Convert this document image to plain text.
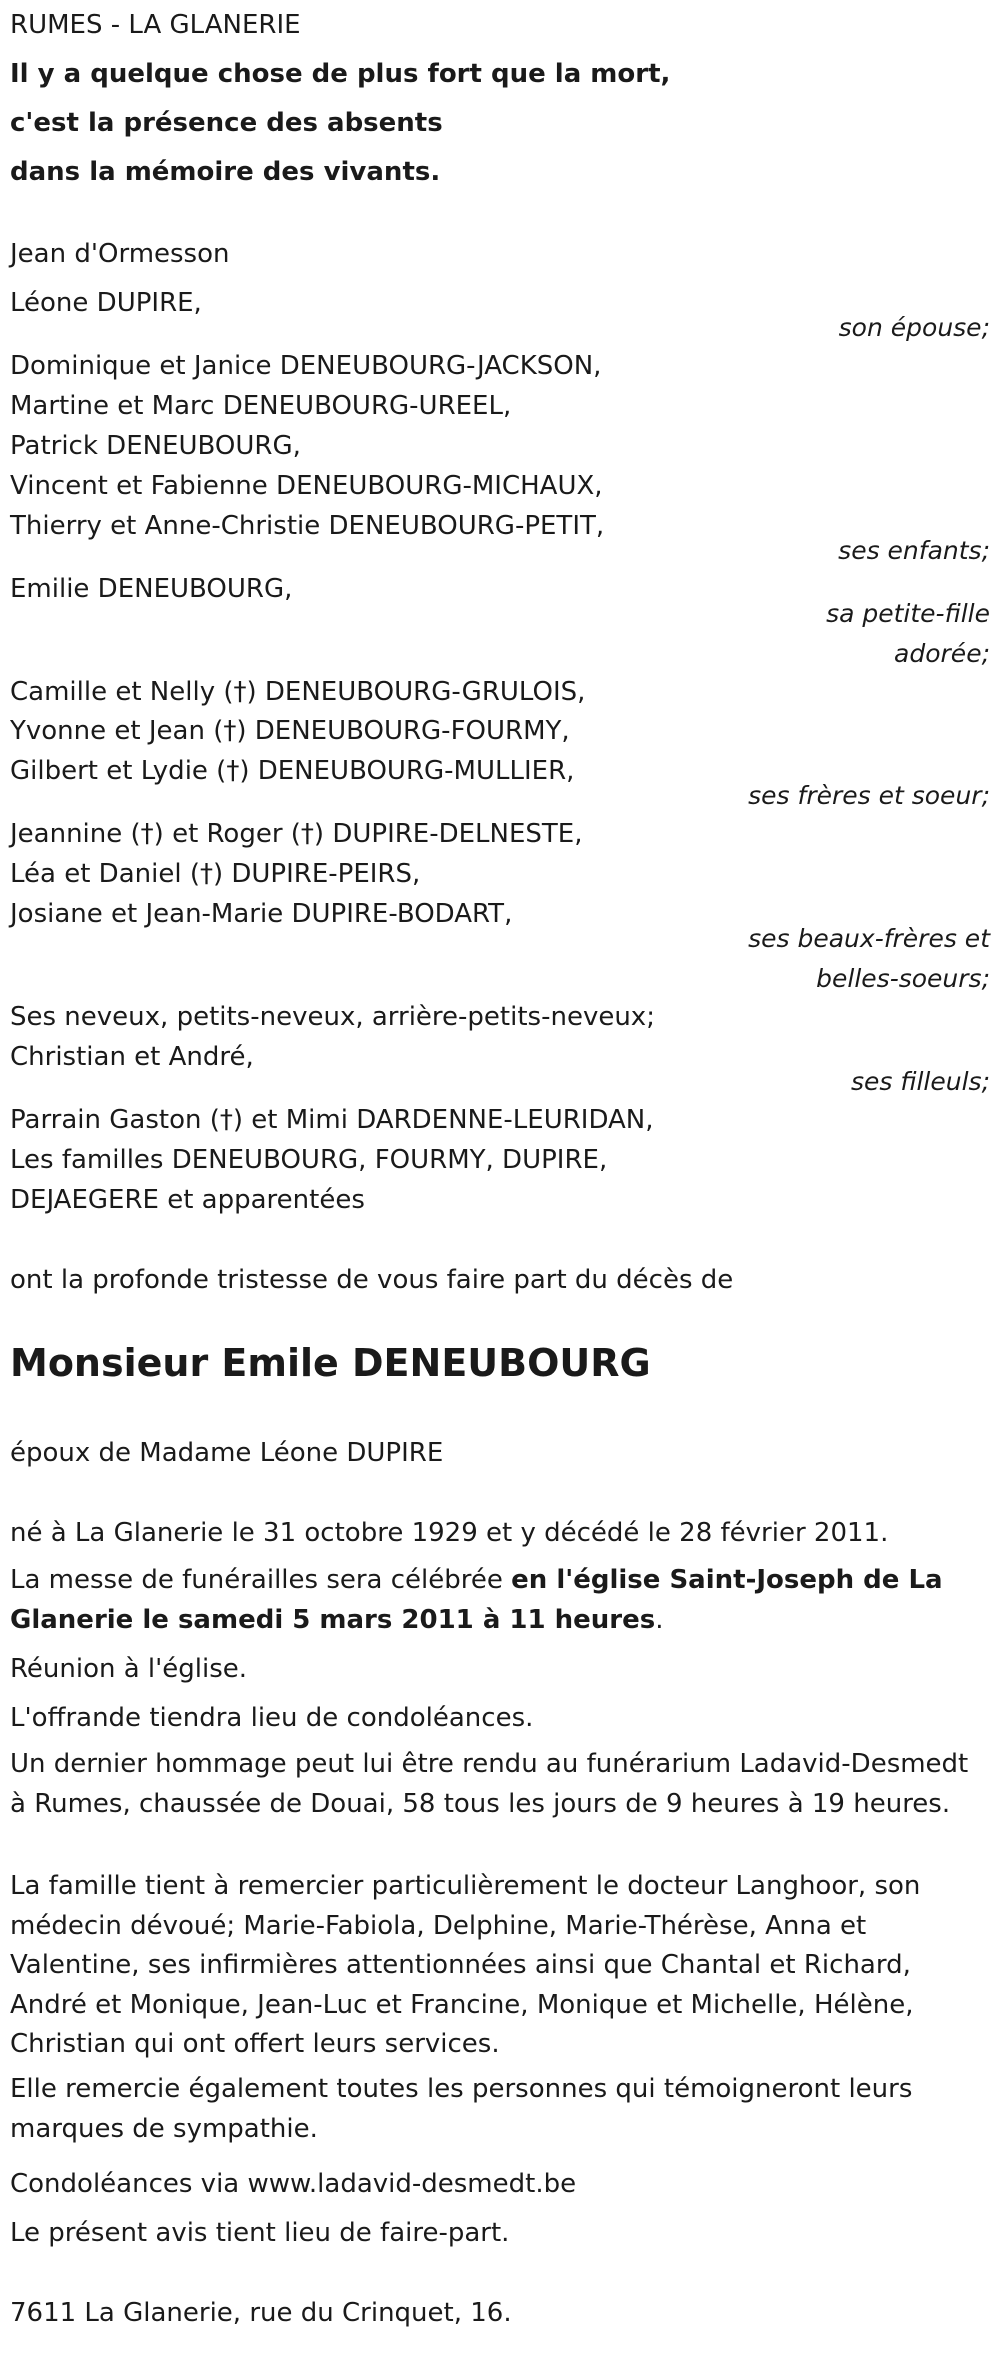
RUMES - LA GLANERIE
Il y a quelque chose de plus fort que la mort,
c'est la présence des absents
dans la mémoire des vivants.
Jean d'Ormesson
Léone DUPIRE,
son épouse;
Dominique et Janice DENEUBOURG-JACKSON,
Martine et Marc DENEUBOURG-UREEL,
Patrick DENEUBOURG,
Vincent et Fabienne DENEUBOURG-MICHAUX,
Thierry et Anne-Christie DENEUBOURG-PETIT,
ses enfants;
Emilie DENEUBOURG,
sa petite-fille
adorée;
Camille et Nelly (†) DENEUBOURG-GRULOIS,
Yvonne et Jean (†) DENEUBOURG-FOURMY,
Gilbert et Lydie (†) DENEUBOURG-MULLIER,
ses frères et soeur;
Jeannine (†) et Roger (†) DUPIRE-DELNESTE,
Léa et Daniel (†) DUPIRE-PEIRS,
Josiane et Jean-Marie DUPIRE-BODART,
ses beaux-frères et
belles-soeurs;
Ses neveux, petits-neveux, arrière-petits-neveux;
Christian et André,
ses filleuls;
Parrain Gaston (†) et Mimi DARDENNE-LEURIDAN,
Les familles DENEUBOURG, FOURMY, DUPIRE,
DEJAEGERE et apparentées
ont la profonde tristesse de vous faire part du décès de
Monsieur Emile DENEUBOURG
époux de Madame Léone DUPIRE
né à La Glanerie le 31 octobre 1929 et y décédé le 28 février 2011.
La messe de funérailles sera célébrée en l'église Saint-Joseph de La Glanerie le samedi 5 mars 2011 à 11 heures.
Réunion à l'église.
L'offrande tiendra lieu de condoléances.
Un dernier hommage peut lui être rendu au funérarium Ladavid-Desmedt à Rumes, chaussée de Douai, 58 tous les jours de 9 heures à 19 heures.
La famille tient à remercier particulièrement le docteur Langhoor, son médecin dévoué; Marie-Fabiola, Delphine, Marie-Thérèse, Anna et Valentine, ses infirmières attentionnées ainsi que Chantal et Richard, André et Monique, Jean-Luc et Francine, Monique et Michelle, Hélène, Christian qui ont offert leurs services.
Elle remercie également toutes les personnes qui témoigneront leurs marques de sympathie.
Condoléances via www.ladavid-desmedt.be
Le présent avis tient lieu de faire-part.
7611 La Glanerie, rue du Crinquet, 16.
